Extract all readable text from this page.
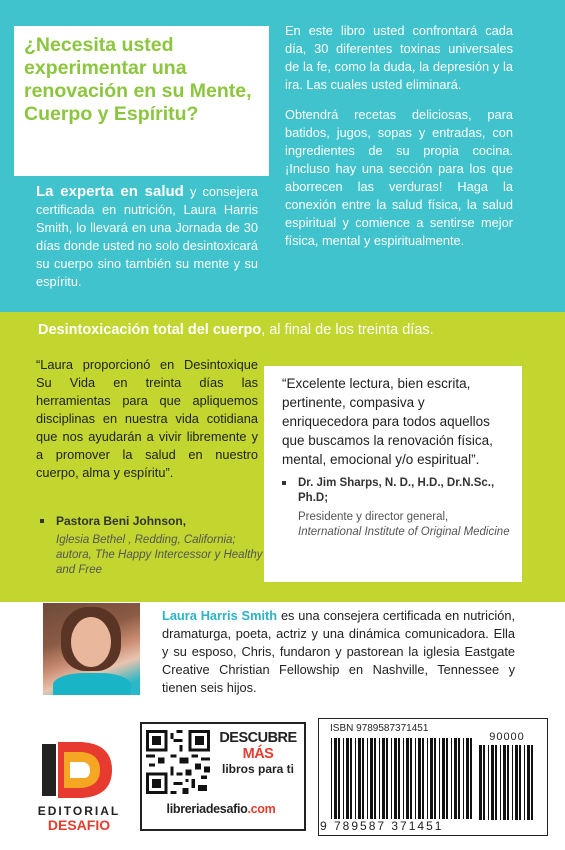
¿Necesita usted experimentar una renovación en su Mente, Cuerpo y Espíritu?

La experta en salud y consejera certificada en nutrición, Laura Harris Smith, lo llevará en una Jornada de 30 días donde usted no solo desintoxicará su cuerpo sino también su mente y su espíritu.

En este libro usted confrontará cada día, 30 diferentes toxinas universales de la fe, como la duda, la depresión y la ira. Las cuales usted eliminará.

Obtendrá recetas deliciosas, para batidos, jugos, sopas y entradas, con ingredientes de su propia cocina. ¡Incluso hay una sección para los que aborrecen las verduras! Haga la conexión entre la salud física, la salud espiritual y comience a sentirse mejor física, mental y espiritualmente.

Desintoxicación total del cuerpo, al final de los treinta días.

“Laura proporcionó en Desintoxique Su Vida en treinta días las herramientas para que apliquemos disciplinas en nuestra vida cotidiana que nos ayudarán a vivir libremente y a promover la salud en nuestro cuerpo, alma y espíritu”.

Pastora Beni Johnson,
Iglesia Bethel , Redding, California; autora, The Happy Intercessor y Healthy and Free

“Excelente lectura, bien escrita, pertinente, compasiva y enriquecedora para todos aquellos que buscamos la renovación física, mental, emocional y/o espiritual”.

Dr. Jim Sharps, N. D., H.D., Dr.N.Sc., Ph.D;
Presidente y director general,
International Institute of Original Medicine

Laura Harris Smith es una consejera certificada en nutrición, dramaturga, poeta, actriz y una dinámica comunicadora. Ella y su esposo, Chris, fundaron y pastorean la iglesia Eastgate Creative Christian Fellowship en Nashville, Tennessee y tienen seis hijos.

EDITORIAL

DESAFIO

DESCUBRE
MÁS

libros para ti

libreriadesafio.com

ISBN 9789587371451

90000

9 789587 371451
